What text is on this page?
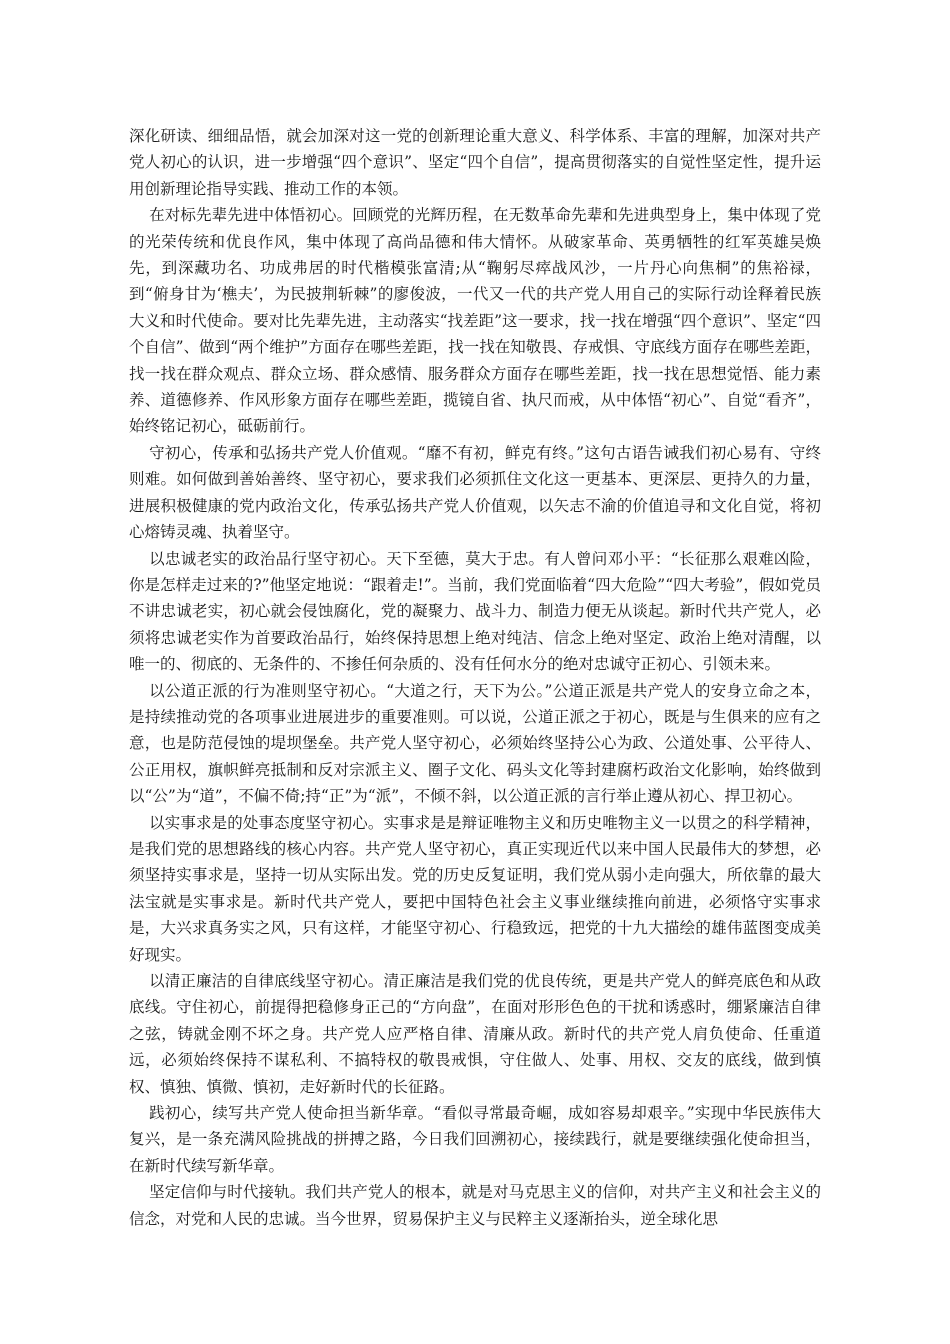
深化研读、细细品悟，就会加深对这一党的创新理论重大意义、科学体系、丰富的理解，加深对共产党人初心的认识，进一步增强“四个意识”、坚定“四个自信”，提高贯彻落实的自觉性坚定性，提升运用创新理论指导实践、推动工作的本领。

在对标先辈先进中体悟初心。回顾党的光辉历程，在无数革命先辈和先进典型身上，集中体现了党的光荣传统和优良作风，集中体现了高尚品德和伟大情怀。从破家革命、英勇牺牲的红军英雄吴焕先，到深藏功名、功成弗居的时代楷模张富清;从“鞠躬尽瘁战风沙，一片丹心向焦桐”的焦裕禄，到“俯身甘为‘樵夫’，为民披荆斩棘”的廖俊波，一代又一代的共产党人用自己的实际行动诠释着民族大义和时代使命。要对比先辈先进，主动落实“找差距”这一要求，找一找在增强“四个意识”、坚定“四个自信”、做到“两个维护”方面存在哪些差距，找一找在知敬畏、存戒惧、守底线方面存在哪些差距，找一找在群众观点、群众立场、群众感情、服务群众方面存在哪些差距，找一找在思想觉悟、能力素养、道德修养、作风形象方面存在哪些差距，揽镜自省、执尺而戒，从中体悟“初心”、自觉“看齐”，始终铭记初心，砥砺前行。

守初心，传承和弘扬共产党人价值观。“靡不有初，鲜克有终。”这句古语告诫我们初心易有、守终则难。如何做到善始善终、坚守初心，要求我们必须抓住文化这一更基本、更深层、更持久的力量，进展积极健康的党内政治文化，传承弘扬共产党人价值观，以矢志不渝的价值追寻和文化自觉，将初心熔铸灵魂、执着坚守。

以忠诚老实的政治品行坚守初心。天下至德，莫大于忠。有人曾问邓小平：“长征那么艰难凶险，你是怎样走过来的?”他坚定地说：“跟着走!”。当前，我们党面临着“四大危险”“四大考验”，假如党员不讲忠诚老实，初心就会侵蚀腐化，党的凝聚力、战斗力、制造力便无从谈起。新时代共产党人，必须将忠诚老实作为首要政治品行，始终保持思想上绝对纯洁、信念上绝对坚定、政治上绝对清醒，以唯一的、彻底的、无条件的、不掺任何杂质的、没有任何水分的绝对忠诚守正初心、引领未来。

以公道正派的行为准则坚守初心。“大道之行，天下为公。”公道正派是共产党人的安身立命之本，是持续推动党的各项事业进展进步的重要准则。可以说，公道正派之于初心，既是与生俱来的应有之意，也是防范侵蚀的堤坝堡垒。共产党人坚守初心，必须始终坚持公心为政、公道处事、公平待人、公正用权，旗帜鲜亮抵制和反对宗派主义、圈子文化、码头文化等封建腐朽政治文化影响，始终做到以“公”为“道”，不偏不倚;持“正”为“派”，不倾不斜，以公道正派的言行举止遵从初心、捍卫初心。

以实事求是的处事态度坚守初心。实事求是是辩证唯物主义和历史唯物主义一以贯之的科学精神，是我们党的思想路线的核心内容。共产党人坚守初心，真正实现近代以来中国人民最伟大的梦想，必须坚持实事求是，坚持一切从实际出发。党的历史反复证明，我们党从弱小走向强大，所依靠的最大法宝就是实事求是。新时代共产党人，要把中国特色社会主义事业继续推向前进，必须恪守实事求是，大兴求真务实之风，只有这样，才能坚守初心、行稳致远，把党的十九大描绘的雄伟蓝图变成美好现实。

以清正廉洁的自律底线坚守初心。清正廉洁是我们党的优良传统，更是共产党人的鲜亮底色和从政底线。守住初心，前提得把稳修身正己的“方向盘”，在面对形形色色的干扰和诱惑时，绷紧廉洁自律之弦，铸就金刚不坏之身。共产党人应严格自律、清廉从政。新时代的共产党人肩负使命、任重道远，必须始终保持不谋私利、不搞特权的敬畏戒惧，守住做人、处事、用权、交友的底线，做到慎权、慎独、慎微、慎初，走好新时代的长征路。

践初心，续写共产党人使命担当新华章。“看似寻常最奇崛，成如容易却艰辛。”实现中华民族伟大复兴，是一条充满风险挑战的拼搏之路，今日我们回溯初心，接续践行，就是要继续强化使命担当，在新时代续写新华章。

坚定信仰与时代接轨。我们共产党人的根本，就是对马克思主义的信仰，对共产主义和社会主义的信念，对党和人民的忠诚。当今世界，贸易保护主义与民粹主义逐渐抬头，逆全球化思
